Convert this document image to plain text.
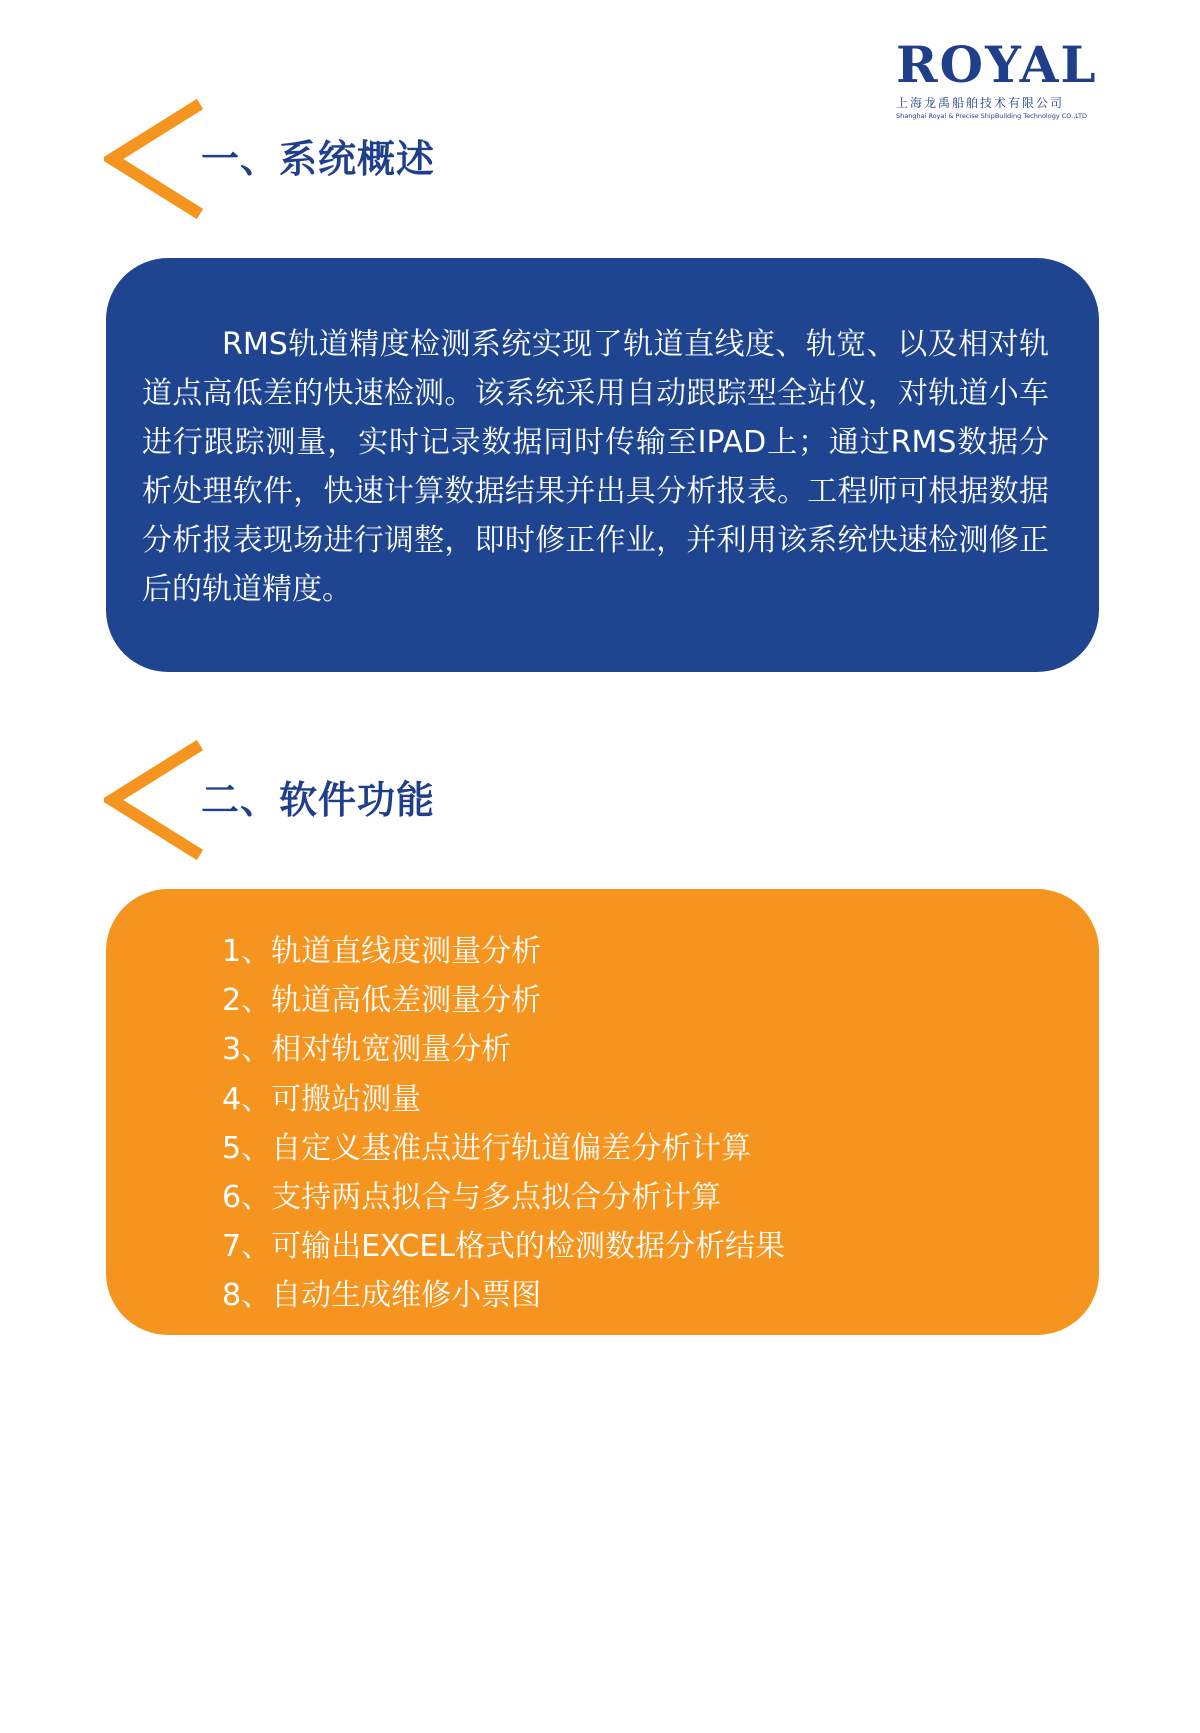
ROYAL
上海龙禹船舶技术有限公司
Shanghai Royal & Precise ShipBuilding Technology CO.,LTD
一、系统概述

RMS轨道精度检测系统实现了轨道直线度、轨宽、以及相对轨道点高低差的快速检测。该系统采用自动跟踪型全站仪，对轨道小车进行跟踪测量，实时记录数据同时传输至IPAD上；通过RMS数据分析处理软件，快速计算数据结果并出具分析报表。工程师可根据数据分析报表现场进行调整，即时修正作业，并利用该系统快速检测修正后的轨道精度。

二、软件功能
1、轨道直线度测量分析
2、轨道高低差测量分析
3、相对轨宽测量分析
4、可搬站测量
5、自定义基准点进行轨道偏差分析计算
6、支持两点拟合与多点拟合分析计算
7、可输出EXCEL格式的检测数据分析结果
8、自动生成维修小票图
